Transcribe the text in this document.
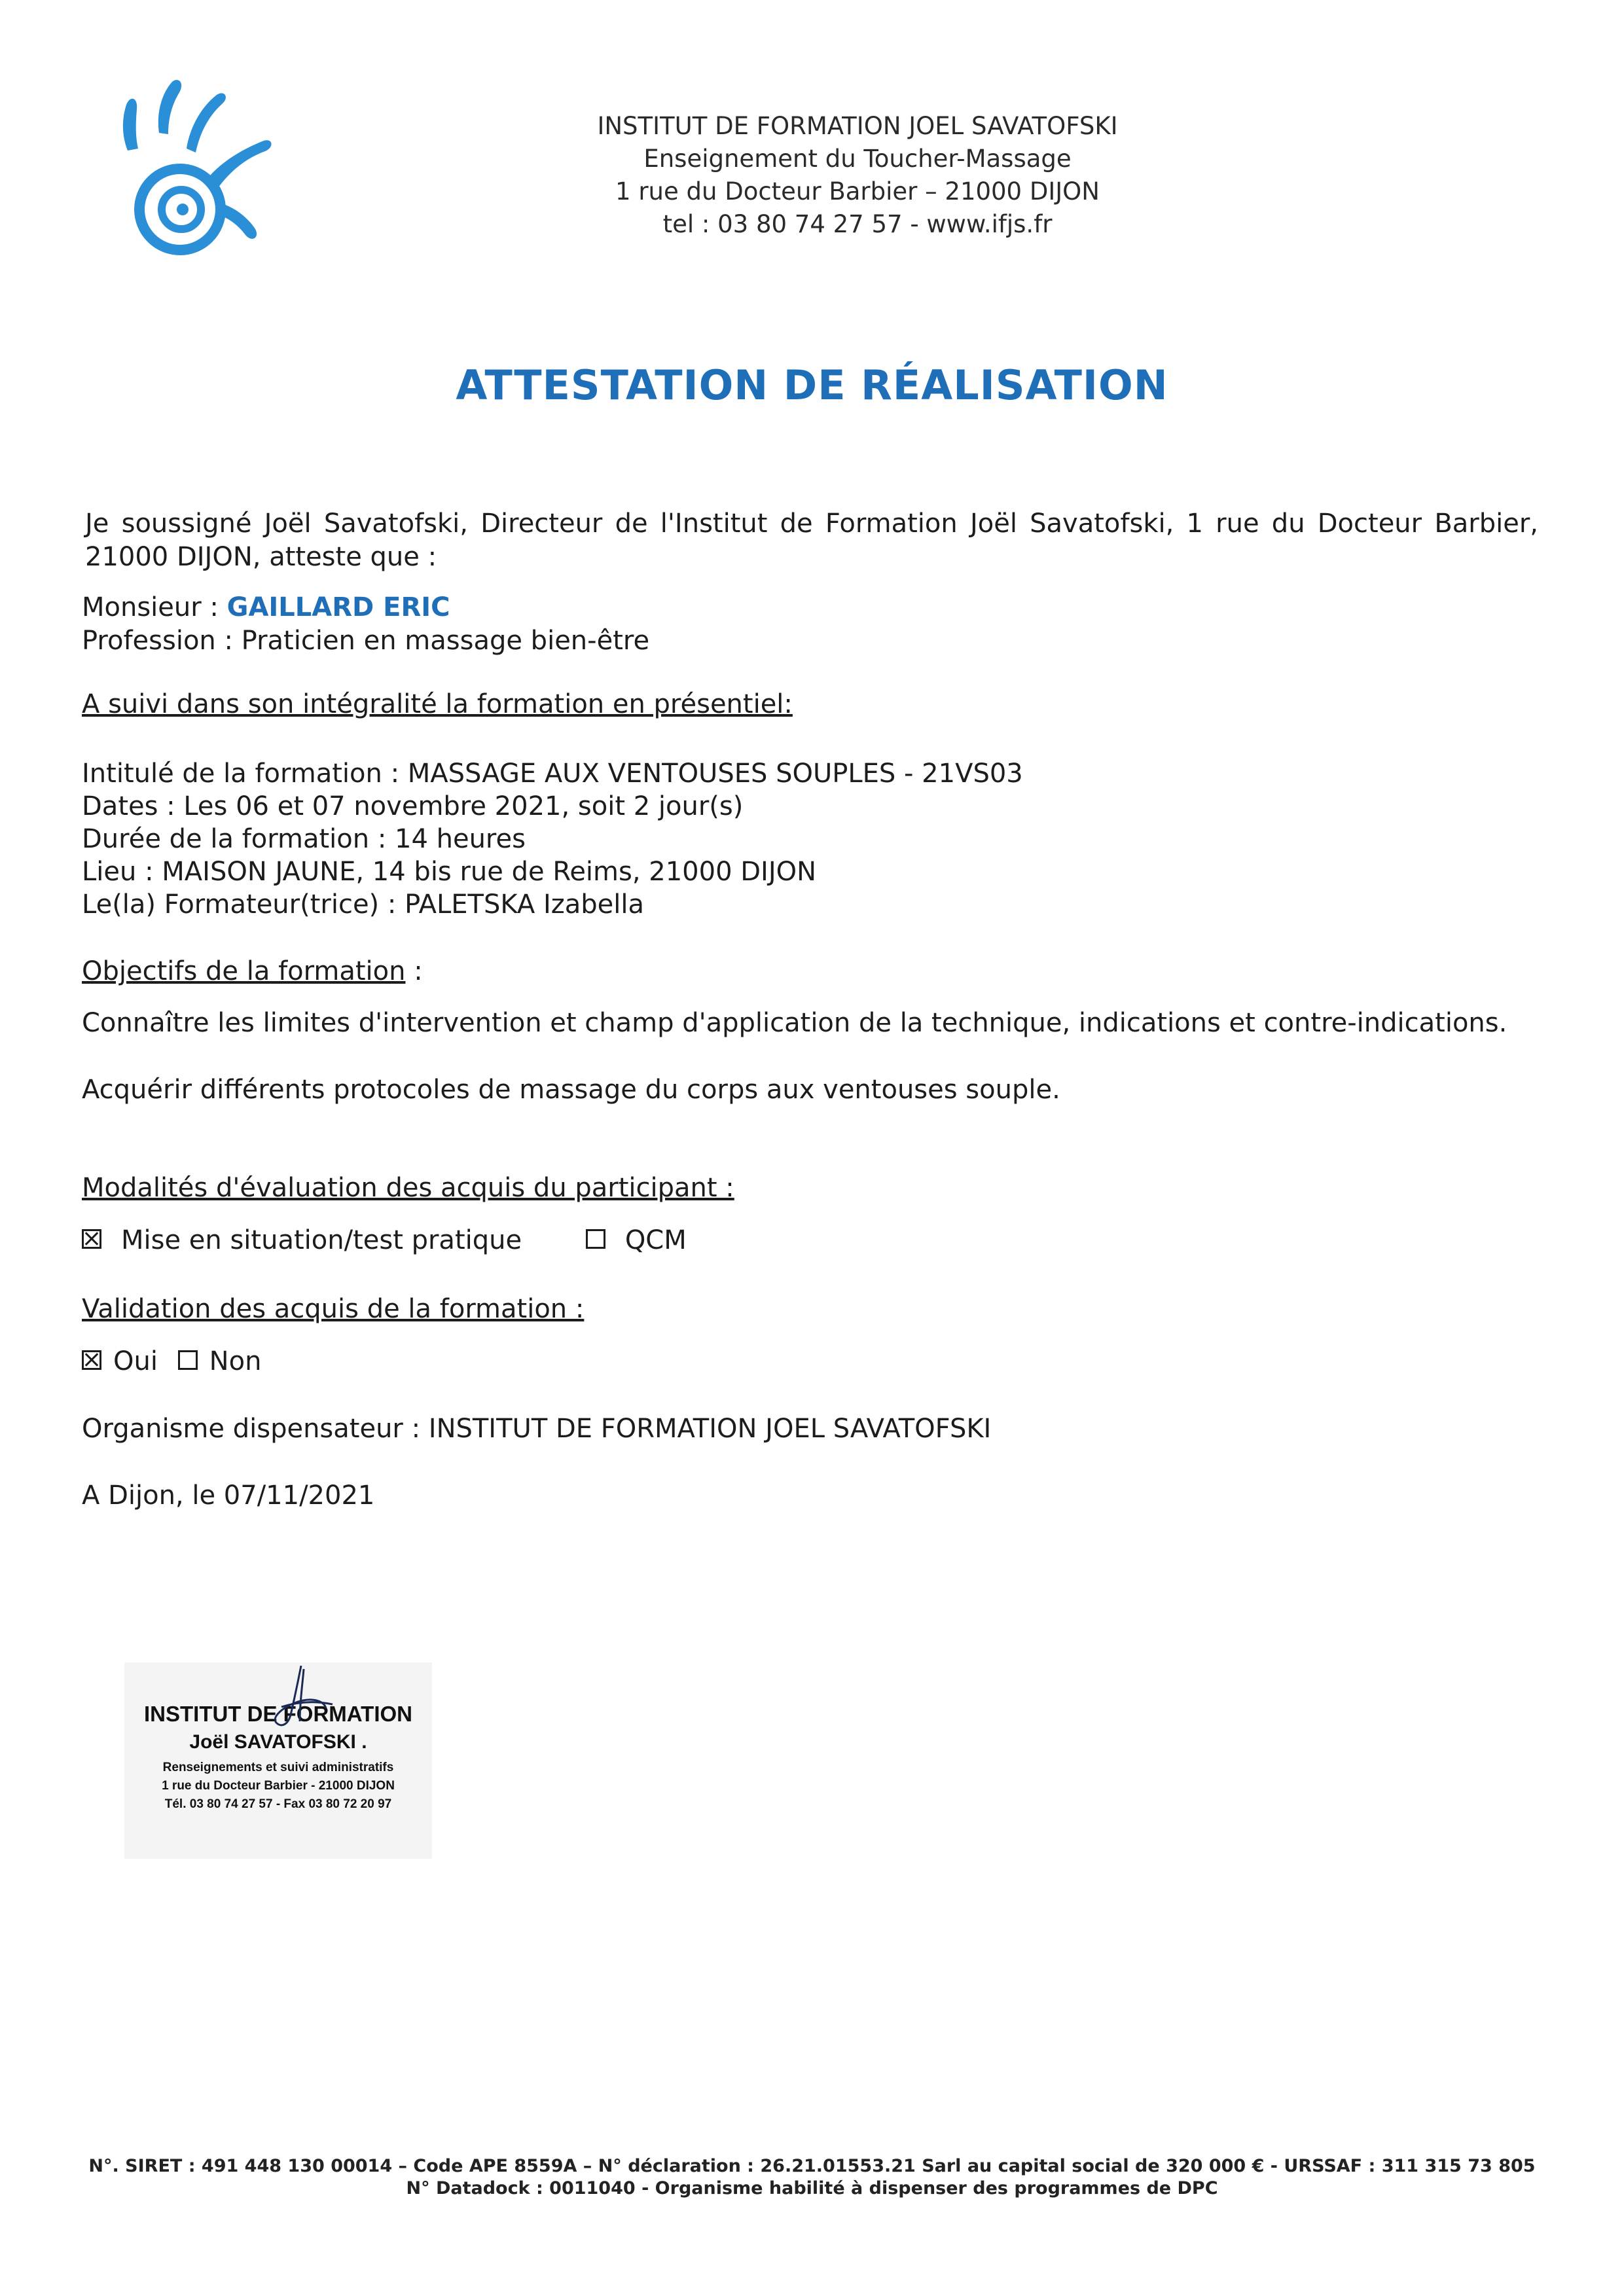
INSTITUT DE FORMATION JOEL SAVATOFSKI
Enseignement du Toucher-Massage
1 rue du Docteur Barbier – 21000 DIJON
tel : 03 80 74 27 57 - www.ifjs.fr
ATTESTATION DE RÉALISATION
Je soussigné Joël Savatofski, Directeur de l'Institut de Formation Joël Savatofski, 1 rue du Docteur Barbier, 21000 DIJON, atteste que :
Monsieur : GAILLARD ERIC
Profession : Praticien en massage bien-être
A suivi dans son intégralité la formation en présentiel:
Intitulé de la formation : MASSAGE AUX VENTOUSES SOUPLES - 21VS03
Dates : Les 06 et 07 novembre 2021, soit 2 jour(s)
Durée de la formation : 14 heures
Lieu : MAISON JAUNE, 14 bis rue de Reims, 21000 DIJON
Le(la) Formateur(trice) : PALETSKA Izabella
Objectifs de la formation :
Connaître les limites d'intervention et champ d'application de la technique, indications et contre-indications.
Acquérir différents protocoles de massage du corps aux ventouses souple.
Modalités d'évaluation des acquis du participant :
Mise en situation/test pratique	QCM
Validation des acquis de la formation :
Oui Non
Organisme dispensateur : INSTITUT DE FORMATION JOEL SAVATOFSKI
A Dijon, le 07/11/2021
INSTITUT DE FORMATION
Joël SAVATOFSKI .
Renseignements et suivi administratifs
1 rue du Docteur Barbier - 21000 DIJON
Tél. 03 80 74 27 57 - Fax 03 80 72 20 97
N°. SIRET : 491 448 130 00014 – Code APE 8559A – N° déclaration : 26.21.01553.21 Sarl au capital social de 320 000 € - URSSAF : 311 315 73 805
N° Datadock : 0011040 - Organisme habilité à dispenser des programmes de DPC
